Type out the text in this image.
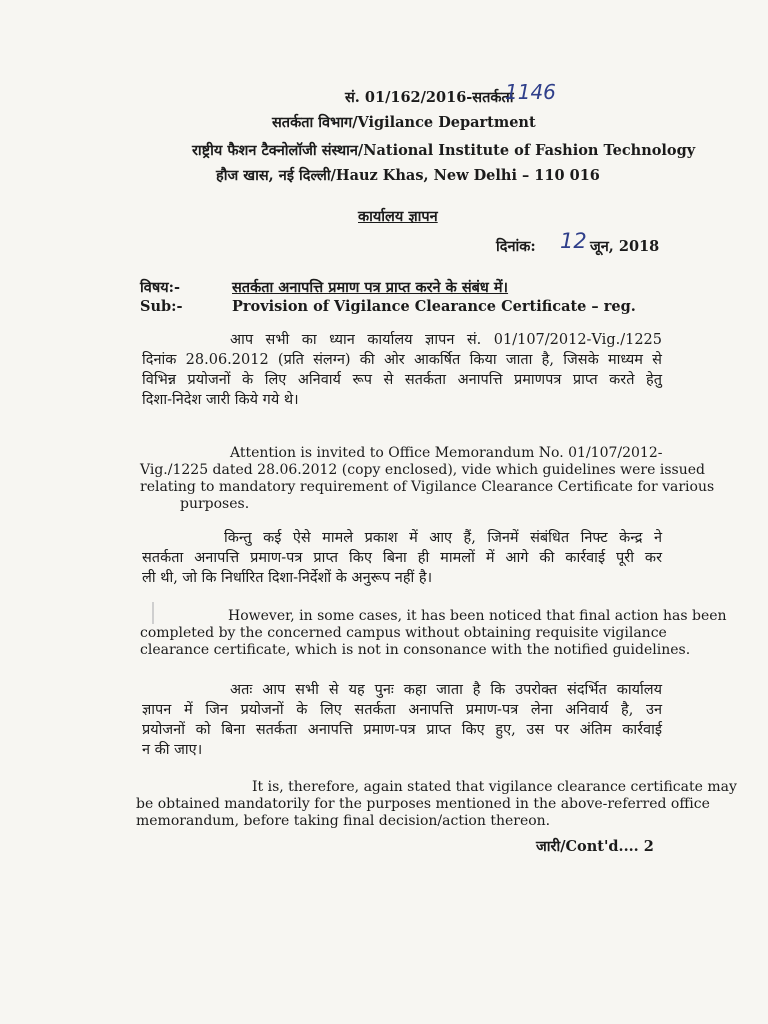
सं. 01/162/2016-सतर्कता
1146
सतर्कता विभाग/Vigilance Department
राष्ट्रीय फैशन टैक्नोलॉजी संस्थान/National Institute of Fashion Technology
हौज खास, नई दिल्ली/Hauz Khas, New Delhi – 110 016
कार्यालय ज्ञापन
दिनांक: 12 जून, 2018
विषय:-	सतर्कता अनापत्ति प्रमाण पत्र प्राप्त करने के संबंध में।
Sub:-	Provision of Vigilance Clearance Certificate – reg.
आप सभी का ध्यान कार्यालय ज्ञापन सं. 01/107/2012-Vig./1225
दिनांक 28.06.2012 (प्रति संलग्न) की ओर आकर्षित किया जाता है, जिसके माध्यम से
विभिन्न प्रयोजनों के लिए अनिवार्य रूप से सतर्कता अनापत्ति प्रमाणपत्र प्राप्त करते हेतु
दिशा-निदेश जारी किये गये थे।
Attention is invited to Office Memorandum No. 01/107/2012-
Vig./1225 dated 28.06.2012 (copy enclosed), vide which guidelines were issued
relating to mandatory requirement of Vigilance Clearance Certificate for various
purposes.
किन्तु कई ऐसे मामले प्रकाश में आए हैं, जिनमें संबंधित निफ्ट केन्द्र ने
सतर्कता अनापत्ति प्रमाण-पत्र प्राप्त किए बिना ही मामलों में आगे की कार्रवाई पूरी कर
ली थी, जो कि निर्धारित दिशा-निर्देशों के अनुरूप नहीं है।
However, in some cases, it has been noticed that final action has been
completed by the concerned campus without obtaining requisite vigilance
clearance certificate, which is not in consonance with the notified guidelines.
अतः आप सभी से यह पुनः कहा जाता है कि उपरोक्त संदर्भित कार्यालय
ज्ञापन में जिन प्रयोजनों के लिए सतर्कता अनापत्ति प्रमाण-पत्र लेना अनिवार्य है, उन
प्रयोजनों को बिना सतर्कता अनापत्ति प्रमाण-पत्र प्राप्त किए हुए, उस पर अंतिम कार्रवाई
न की जाए।
It is, therefore, again stated that vigilance clearance certificate may
be obtained mandatorily for the purposes mentioned in the above-referred office
memorandum, before taking final decision/action thereon.
जारी/Cont'd.... 2
